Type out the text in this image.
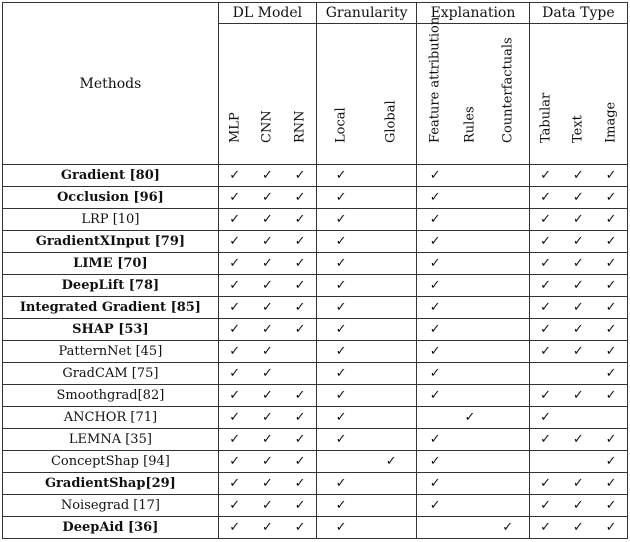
Methods	DL Model			Granularity		Explanation			Data Type		

	MLP	CNN	RNN	Local	Global	Feature attribution	Rules	Counterfactuals	Tabular	Text	Image

Gradient [80]	✓	✓	✓	✓		✓			✓	✓	✓
Occlusion [96]	✓	✓	✓	✓		✓			✓	✓	✓
LRP [10]	✓	✓	✓	✓		✓			✓	✓	✓
GradientXInput [79]	✓	✓	✓	✓		✓			✓	✓	✓
LIME [70]	✓	✓	✓	✓		✓			✓	✓	✓
DeepLift [78]	✓	✓	✓	✓		✓			✓	✓	✓
Integrated Gradient [85]	✓	✓	✓	✓		✓			✓	✓	✓
SHAP [53]	✓	✓	✓	✓		✓			✓	✓	✓
PatternNet [45]	✓	✓		✓		✓			✓	✓	✓
GradCAM [75]	✓	✓		✓		✓					✓
Smoothgrad[82]	✓	✓	✓	✓		✓			✓	✓	✓
ANCHOR [71]	✓	✓	✓	✓			✓		✓		
LEMNA [35]	✓	✓	✓	✓		✓			✓	✓	✓
ConceptShap [94]	✓	✓	✓		✓	✓					✓
GradientShap[29]	✓	✓	✓	✓		✓			✓	✓	✓
Noisegrad [17]	✓	✓	✓	✓		✓			✓	✓	✓
DeepAid [36]	✓	✓	✓	✓				✓	✓	✓	✓
